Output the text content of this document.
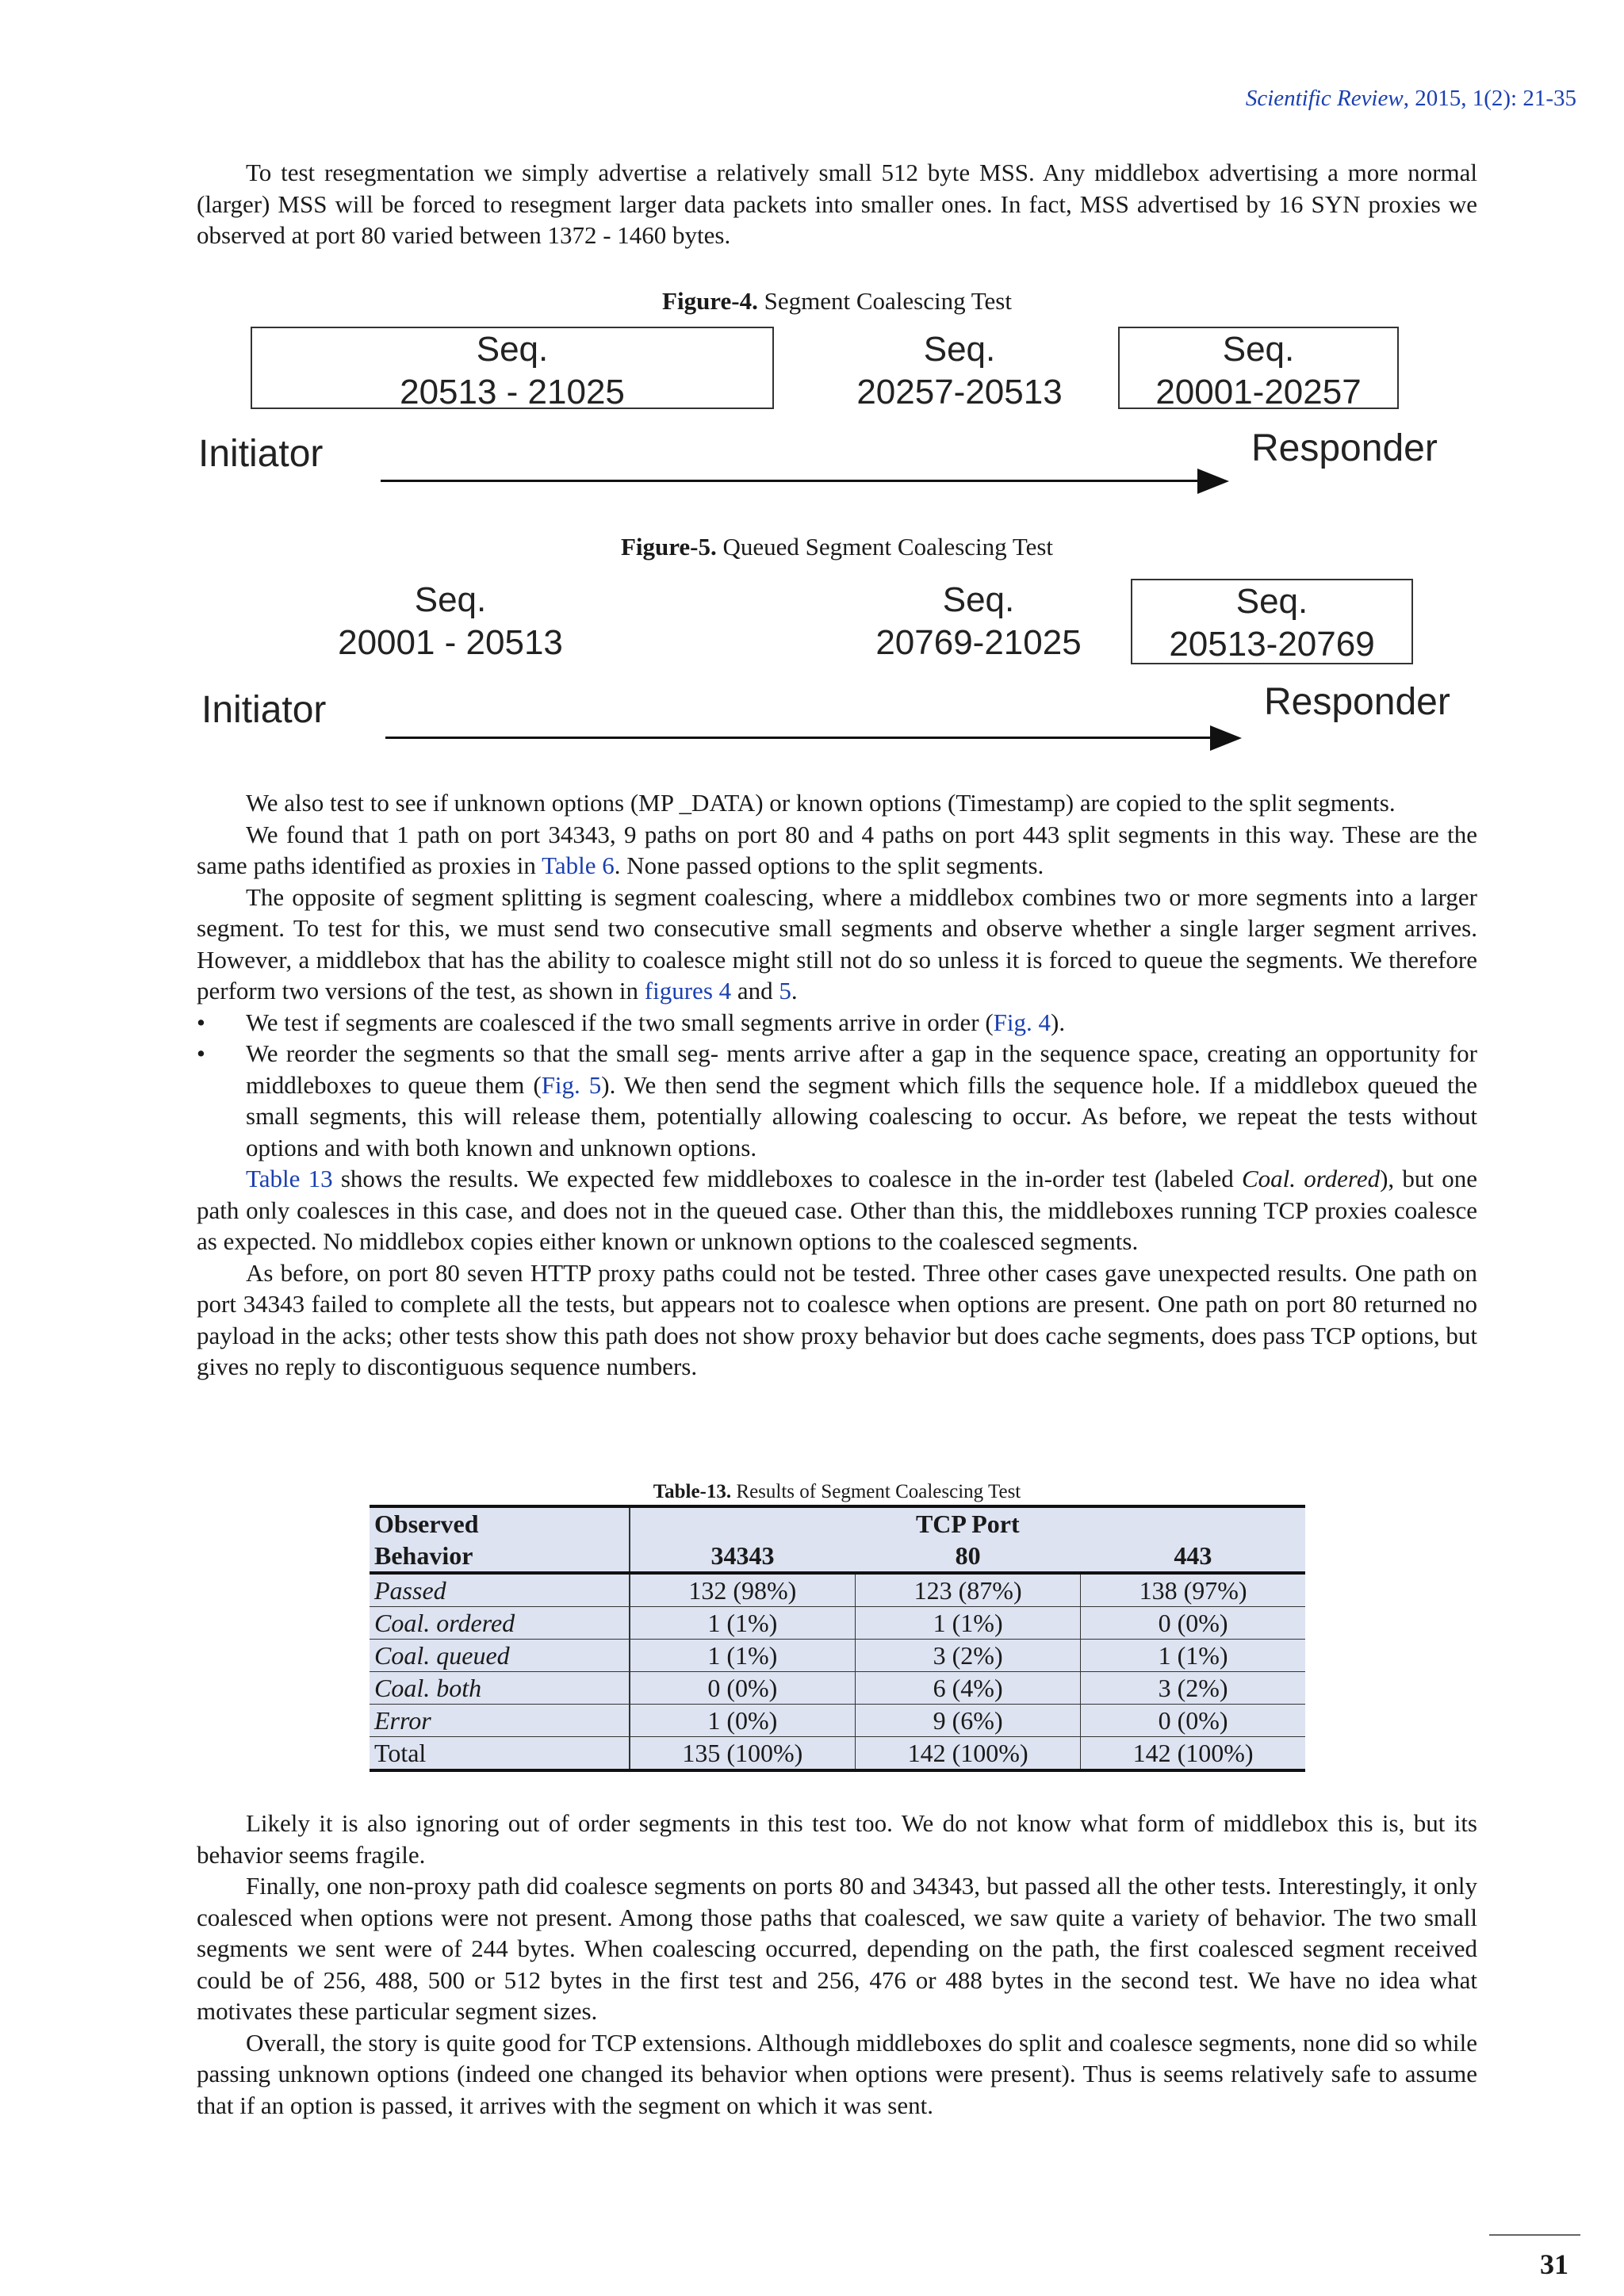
Scientific Review, 2015, 1(2): 21-35

To test resegmentation we simply advertise a relatively small 512 byte MSS. Any middlebox advertising a more normal (larger) MSS will be forced to resegment larger data packets into smaller ones. In fact, MSS advertised by 16 SYN proxies we observed at port 80 varied between 1372 - 1460 bytes.

Figure-4. Segment Coalescing Test
Seq.
20513 - 21025
Seq.
20257-20513
Seq.
20001-20257
Initiator	Responder
Figure-5. Queued Segment Coalescing Test
Seq.
20001 - 20513
Seq.
20769-21025
Seq.
20513-20769
Initiator	Responder

We also test to see if unknown options (MP _DATA) or known options (Timestamp) are copied to the split segments.

We found that 1 path on port 34343, 9 paths on port 80 and 4 paths on port 443 split segments in this way. These are the same paths identified as proxies in Table 6. None passed options to the split segments.

The opposite of segment splitting is segment coalescing, where a middlebox combines two or more segments into a larger segment. To test for this, we must send two consecutive small segments and observe whether a single larger segment arrives. However, a middlebox that has the ability to coalesce might still not do so unless it is forced to queue the segments. We therefore perform two versions of the test, as shown in figures 4 and 5.

• We test if segments are coalesced if the two small segments arrive in order (Fig. 4).
• We reorder the segments so that the small seg- ments arrive after a gap in the sequence space, creating an opportunity for middleboxes to queue them (Fig. 5). We then send the segment which fills the sequence hole. If a middlebox queued the small segments, this will release them, potentially allowing coalescing to occur. As before, we repeat the tests without options and with both known and unknown options.

Table 13 shows the results. We expected few middleboxes to coalesce in the in-order test (labeled Coal. ordered), but one path only coalesces in this case, and does not in the queued case. Other than this, the middleboxes running TCP proxies coalesce as expected. No middlebox copies either known or unknown options to the coalesced segments.

As before, on port 80 seven HTTP proxy paths could not be tested. Three other cases gave unexpected results. One path on port 34343 failed to complete all the tests, but appears not to coalesce when options are present. One path on port 80 returned no payload in the acks; other tests show this path does not show proxy behavior but does cache segments, does pass TCP options, but gives no reply to discontiguous sequence numbers.

Table-13. Results of Segment Coalescing Test
Observed	TCP Port		
Behavior	34343	80	443
Passed	132 (98%)	123 (87%)	138 (97%)
Coal. ordered	1 (1%)	1 (1%)	0 (0%)
Coal. queued	1 (1%)	3 (2%)	1 (1%)
Coal. both	0 (0%)	6 (4%)	3 (2%)
Error	1 (0%)	9 (6%)	0 (0%)
Total	135 (100%)	142 (100%)	142 (100%)

Likely it is also ignoring out of order segments in this test too. We do not know what form of middlebox this is, but its behavior seems fragile.

Finally, one non-proxy path did coalesce segments on ports 80 and 34343, but passed all the other tests. Interestingly, it only coalesced when options were not present. Among those paths that coalesced, we saw quite a variety of behavior. The two small segments we sent were of 244 bytes. When coalescing occurred, depending on the path, the first coalesced segment received could be of 256, 488, 500 or 512 bytes in the first test and 256, 476 or 488 bytes in the second test. We have no idea what motivates these particular segment sizes.

Overall, the story is quite good for TCP extensions. Although middleboxes do split and coalesce segments, none did so while passing unknown options (indeed one changed its behavior when options were present). Thus is seems relatively safe to assume that if an option is passed, it arrives with the segment on which it was sent.

31
